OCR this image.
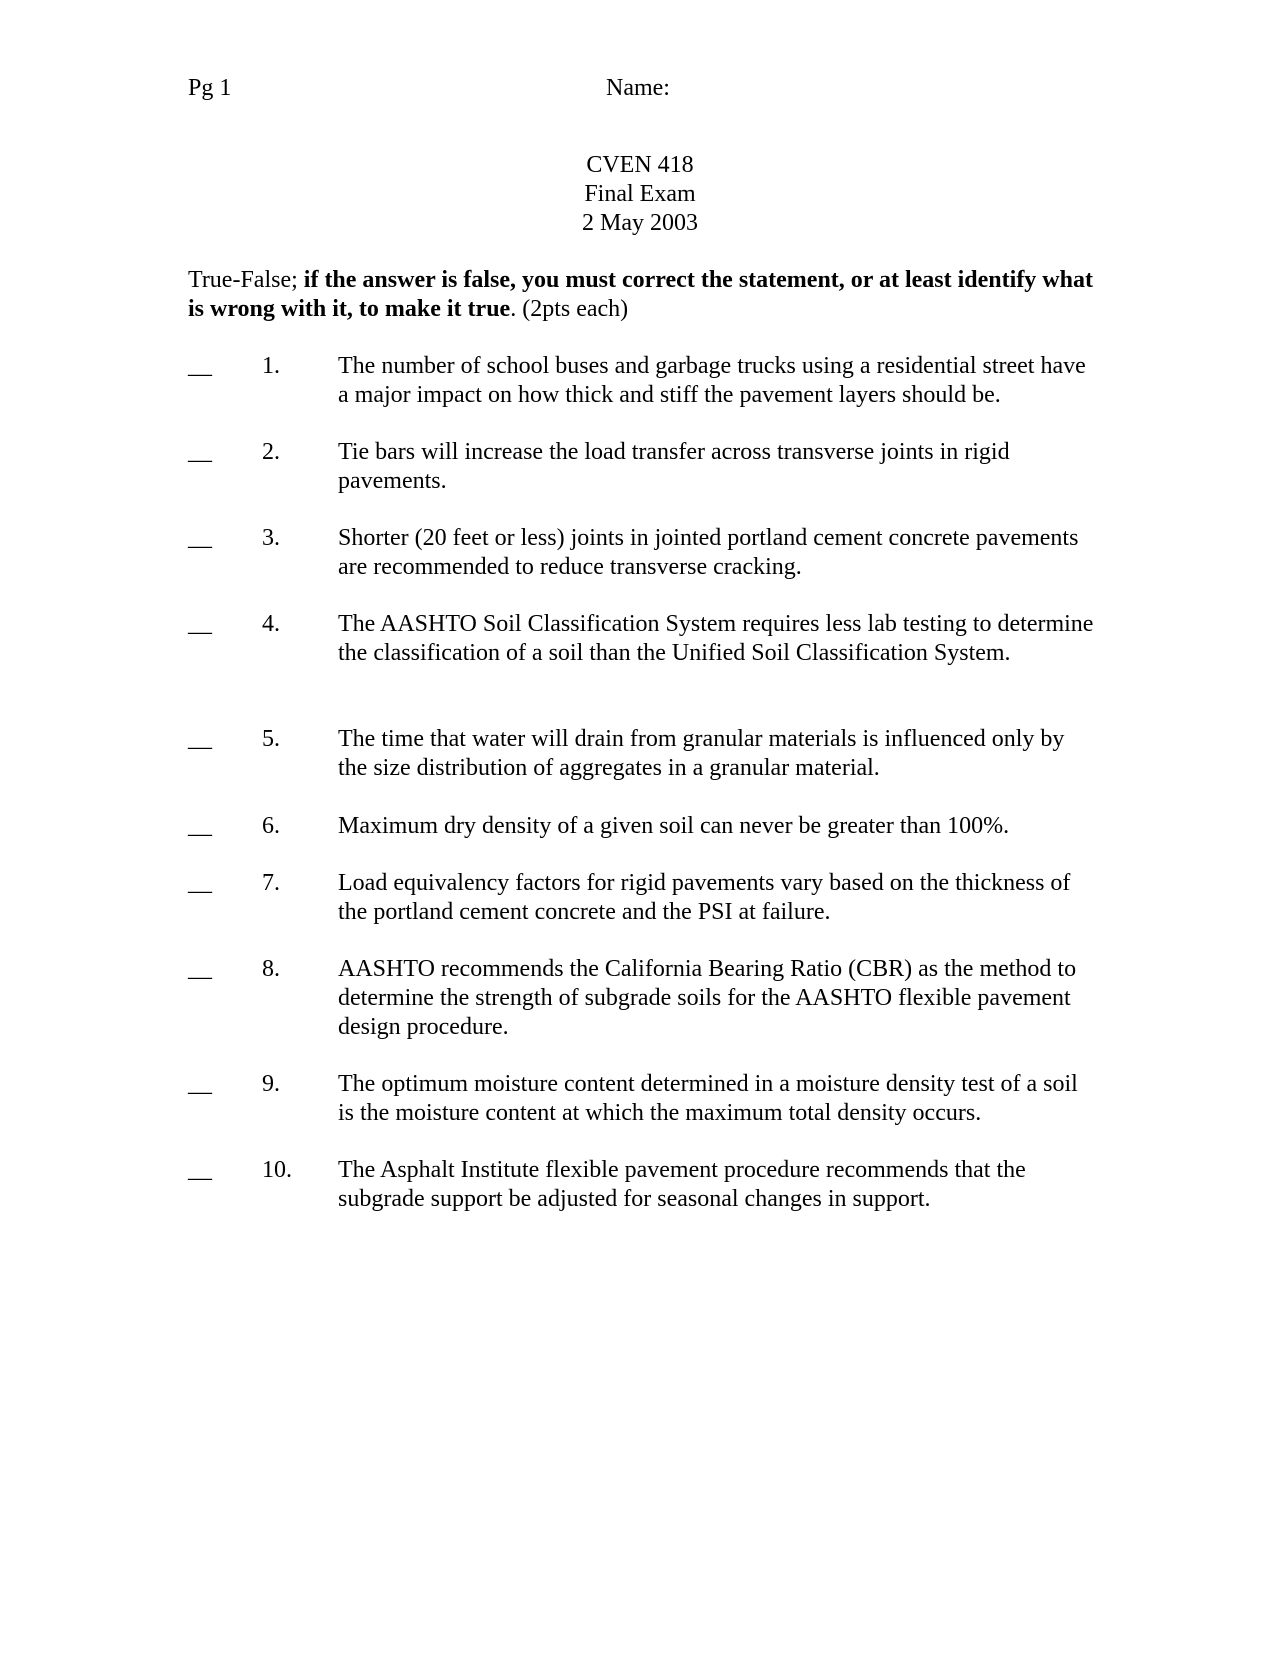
Pg 1	Name:
CVEN 418
Final Exam
2 May 2003
True-False; if the answer is false, you must correct the statement, or at least identify what is wrong with it, to make it true. (2pts each)
__ 1. The number of school buses and garbage trucks using a residential street have a major impact on how thick and stiff the pavement layers should be.
__ 2. Tie bars will increase the load transfer across transverse joints in rigid pavements.
__ 3. Shorter (20 feet or less) joints in jointed portland cement concrete pavements are recommended to reduce transverse cracking.
__ 4. The AASHTO Soil Classification System requires less lab testing to determine the classification of a soil than the Unified Soil Classification System.
__ 5. The time that water will drain from granular materials is influenced only by the size distribution of aggregates in a granular material.
__ 6. Maximum dry density of a given soil can never be greater than 100%.
__ 7. Load equivalency factors for rigid pavements vary based on the thickness of the portland cement concrete and the PSI at failure.
__ 8. AASHTO recommends the California Bearing Ratio (CBR) as the method to determine the strength of subgrade soils for the AASHTO flexible pavement design procedure.
__ 9. The optimum moisture content determined in a moisture density test of a soil is the moisture content at which the maximum total density occurs.
__ 10. The Asphalt Institute flexible pavement procedure recommends that the subgrade support be adjusted for seasonal changes in support.
